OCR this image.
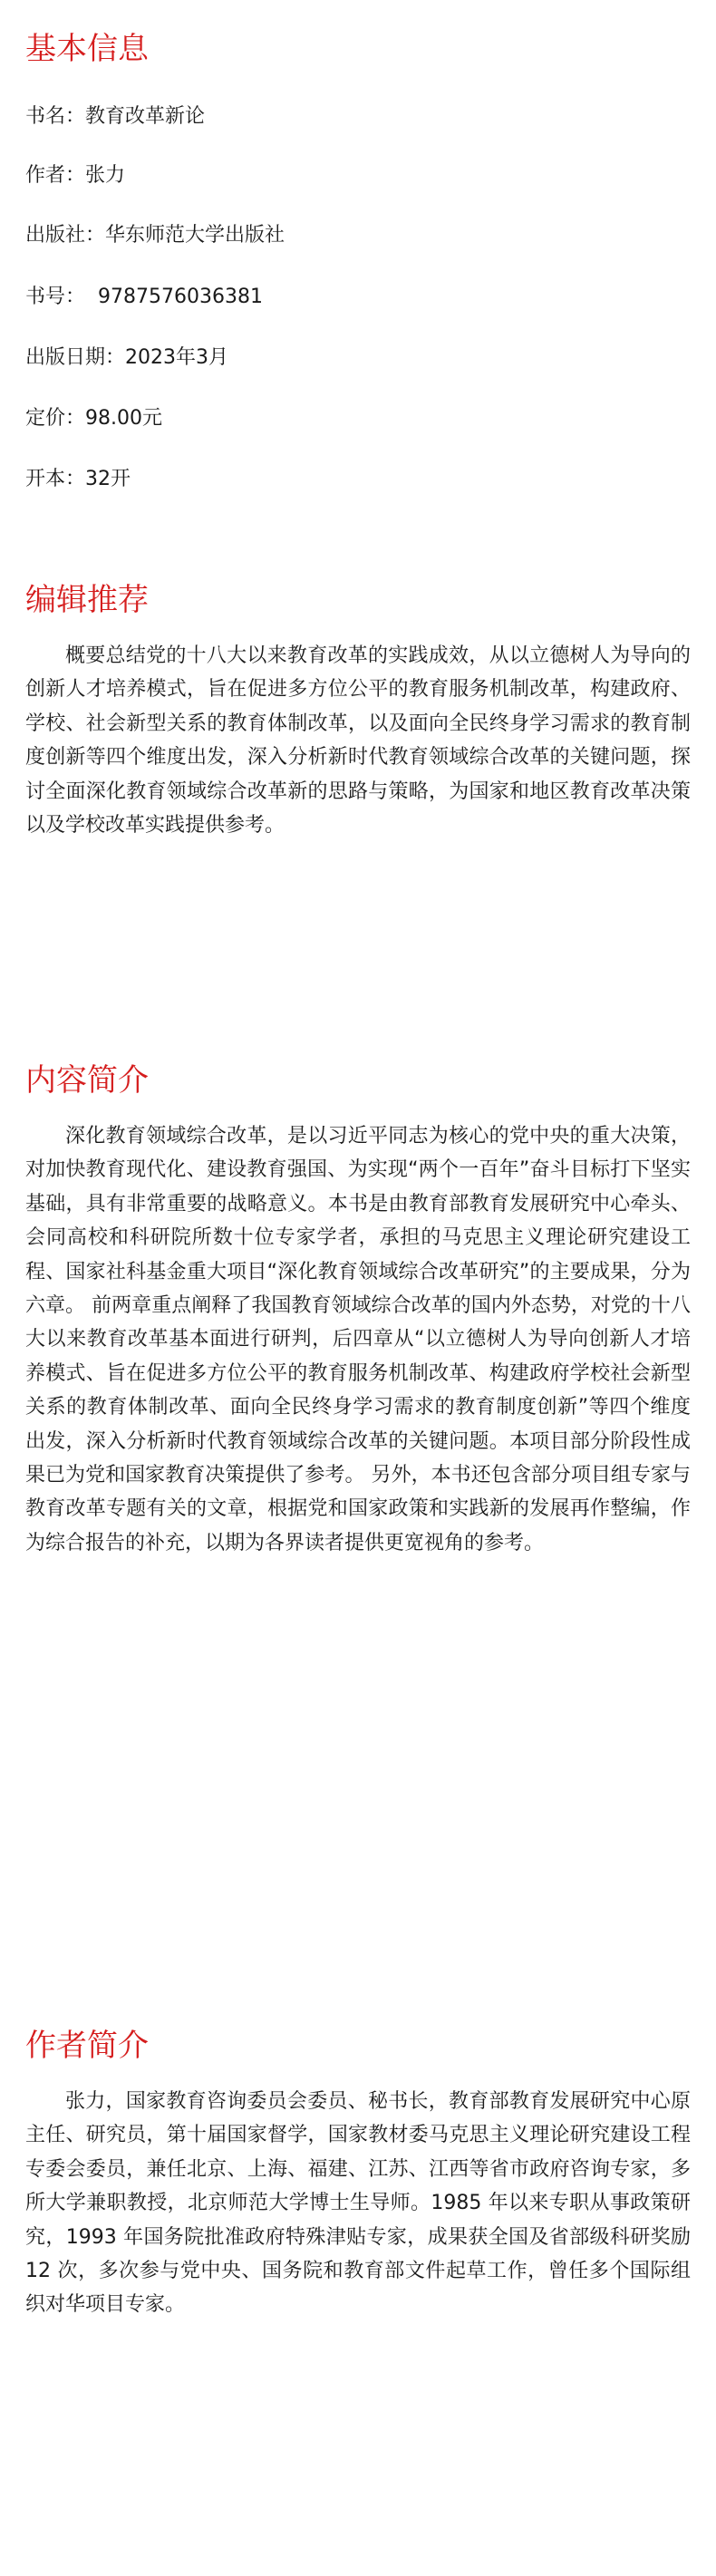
基本信息

书名：教育改革新论

作者：张力

出版社：华东师范大学出版社

书号：  9787576036381

出版日期：2023年3月

定价：98.00元

开本：32开

编辑推荐

概要总结党的十八大以来教育改革的实践成效，从以立德树人为导向的创新人才培养模式，旨在促进多方位公平的教育服务机制改革，构建政府、学校、社会新型关系的教育体制改革，以及面向全民终身学习需求的教育制度创新等四个维度出发，深入分析新时代教育领域综合改革的关键问题，探讨全面深化教育领域综合改革新的思路与策略，为国家和地区教育改革决策以及学校改革实践提供参考。

内容简介

深化教育领域综合改革，是以习近平同志为核心的党中央的重大决策，对加快教育现代化、建设教育强国、为实现“两个一百年”奋斗目标打下坚实基础，具有非常重要的战略意义。本书是由教育部教育发展研究中心牵头、会同高校和科研院所数十位专家学者，承担的马克思主义理论研究建设工程、国家社科基金重大项目“深化教育领域综合改革研究”的主要成果，分为六章。 前两章重点阐释了我国教育领域综合改革的国内外态势，对党的十八大以来教育改革基本面进行研判，后四章从“以立德树人为导向创新人才培养模式、旨在促进多方位公平的教育服务机制改革、构建政府学校社会新型关系的教育体制改革、面向全民终身学习需求的教育制度创新”等四个维度出发，深入分析新时代教育领域综合改革的关键问题。本项目部分阶段性成果已为党和国家教育决策提供了参考。 另外，本书还包含部分项目组专家与教育改革专题有关的文章，根据党和国家政策和实践新的发展再作整编，作为综合报告的补充，以期为各界读者提供更宽视角的参考。

作者简介

张力，国家教育咨询委员会委员、秘书长，教育部教育发展研究中心原主任、研究员，第十届国家督学，国家教材委马克思主义理论研究建设工程专委会委员，兼任北京、上海、福建、江苏、江西等省市政府咨询专家，多所大学兼职教授，北京师范大学博士生导师。1985 年以来专职从事政策研究，1993 年国务院批准政府特殊津贴专家，成果获全国及省部级科研奖励 12 次，多次参与党中央、国务院和教育部文件起草工作，曾任多个国际组织对华项目专家。
